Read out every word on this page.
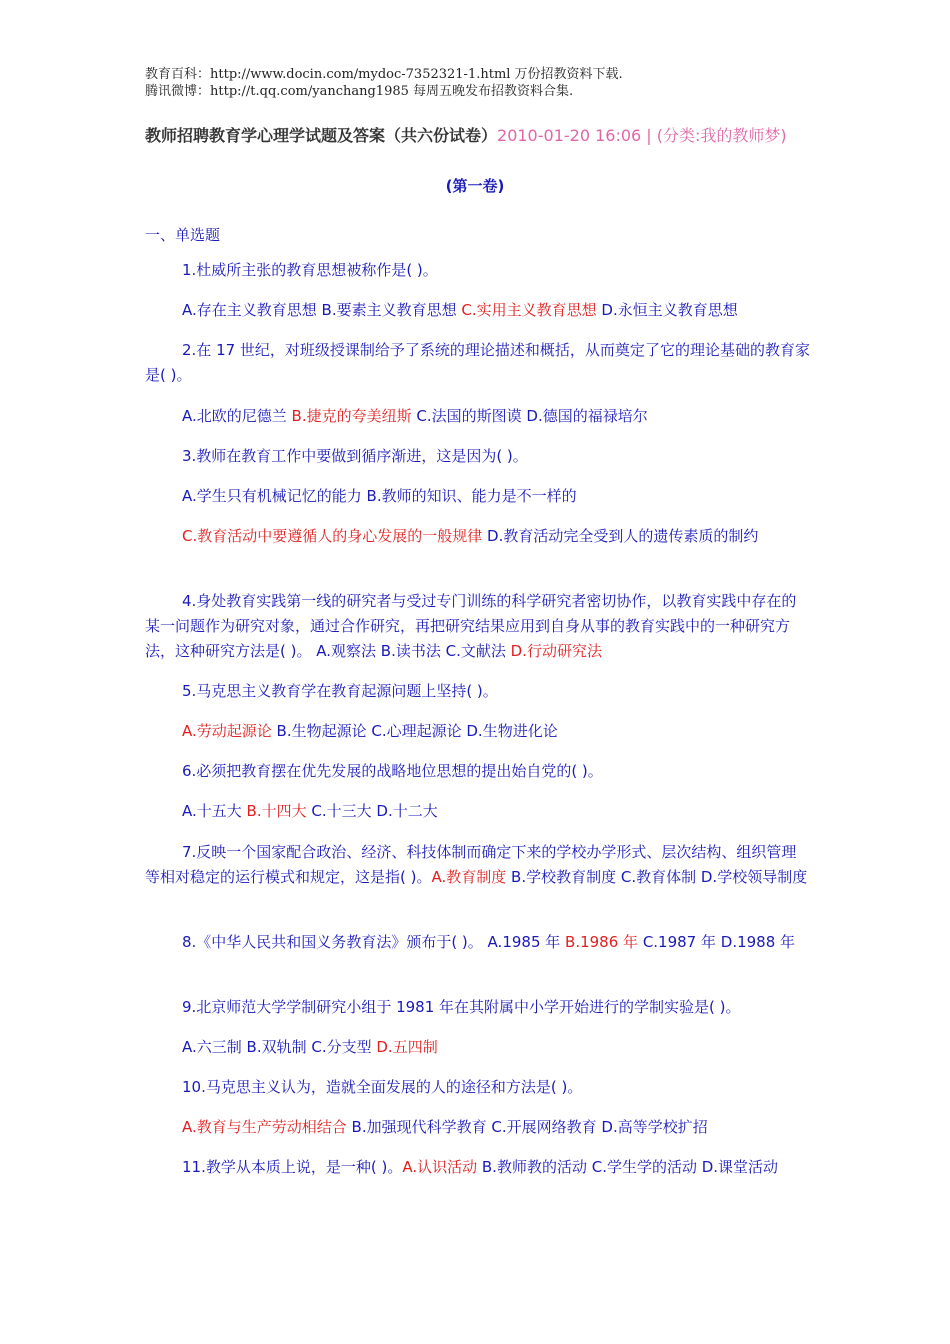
教育百科：http://www.docin.com/mydoc-7352321-1.html 万份招教资料下载.
腾讯微博：http://t.qq.com/yanchang1985 每周五晚发布招教资料合集.
教师招聘教育学心理学试题及答案（共六份试卷）2010-01-20 16:06 | (分类:我的教师梦)
(第一卷)
一、单选题
1.杜威所主张的教育思想被称作是( )。
A.存在主义教育思想 B.要素主义教育思想 C.实用主义教育思想 D.永恒主义教育思想
2.在 17 世纪，对班级授课制给予了系统的理论描述和概括，从而奠定了它的理论基础的教育家是( )。
A.北欧的尼德兰 B.捷克的夸美纽斯 C.法国的斯图谟 D.德国的福禄培尔
3.教师在教育工作中要做到循序渐进，这是因为( )。
A.学生只有机械记忆的能力 B.教师的知识、能力是不一样的
C.教育活动中要遵循人的身心发展的一般规律 D.教育活动完全受到人的遗传素质的制约
4.身处教育实践第一线的研究者与受过专门训练的科学研究者密切协作，以教育实践中存在的某一问题作为研究对象，通过合作研究，再把研究结果应用到自身从事的教育实践中的一种研究方法，这种研究方法是( )。 A.观察法 B.读书法 C.文献法 D.行动研究法
5.马克思主义教育学在教育起源问题上坚持( )。
A.劳动起源论 B.生物起源论 C.心理起源论 D.生物进化论
6.必须把教育摆在优先发展的战略地位思想的提出始自党的( )。
A.十五大 B.十四大 C.十三大 D.十二大
7.反映一个国家配合政治、经济、科技体制而确定下来的学校办学形式、层次结构、组织管理等相对稳定的运行模式和规定，这是指( )。A.教育制度 B.学校教育制度 C.教育体制 D.学校领导制度
8.《中华人民共和国义务教育法》颁布于( )。 A.1985 年 B.1986 年 C.1987 年 D.1988 年
9.北京师范大学学制研究小组于 1981 年在其附属中小学开始进行的学制实验是( )。
A.六三制 B.双轨制 C.分支型 D.五四制
10.马克思主义认为，造就全面发展的人的途径和方法是( )。
A.教育与生产劳动相结合 B.加强现代科学教育 C.开展网络教育 D.高等学校扩招
11.教学从本质上说，是一种( )。A.认识活动 B.教师教的活动 C.学生学的活动 D.课堂活动
